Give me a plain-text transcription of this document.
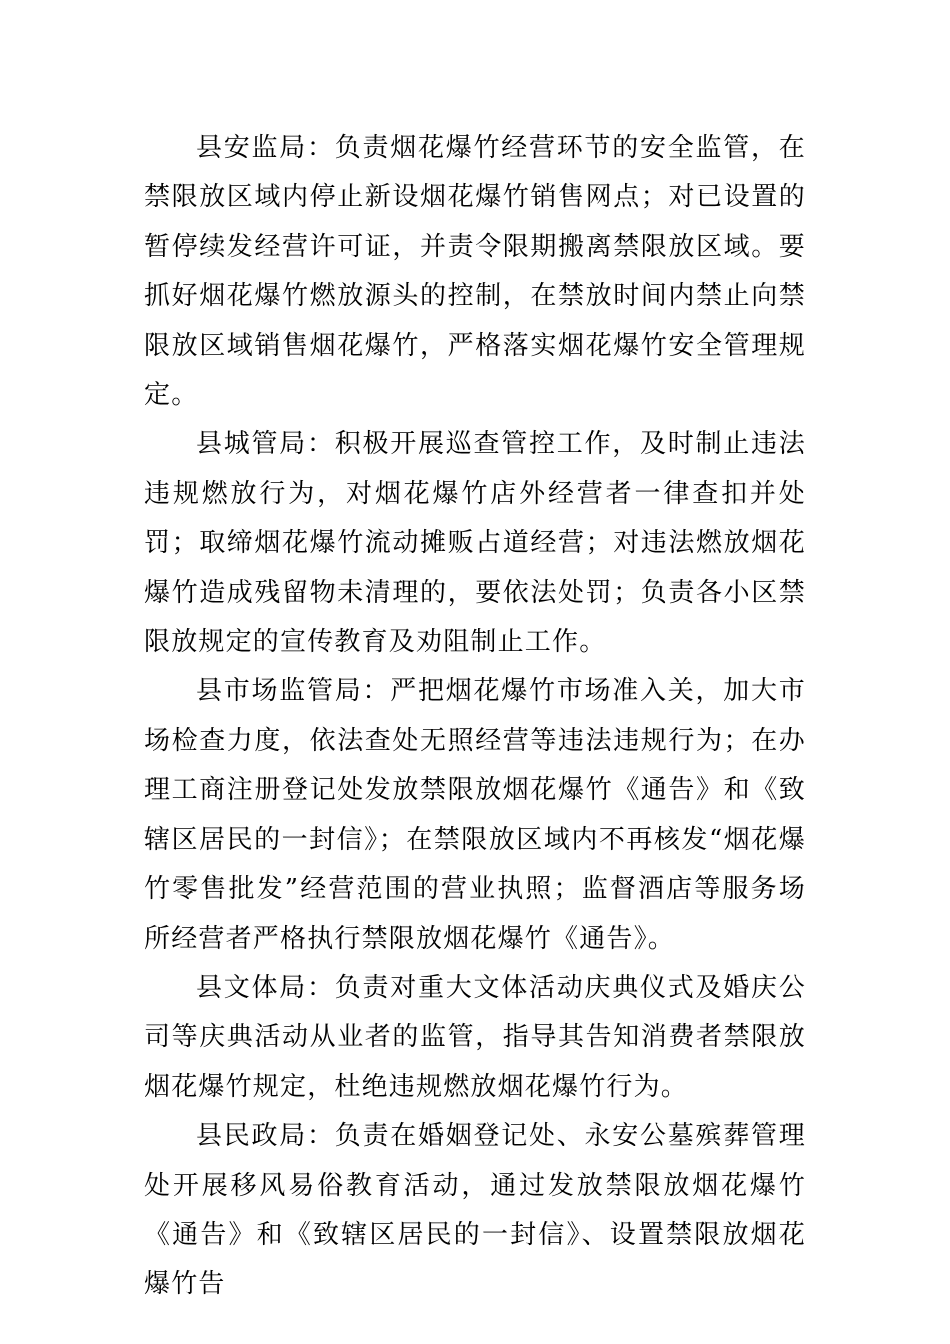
县安监局：负责烟花爆竹经营环节的安全监管，在禁限放区域内停止新设烟花爆竹销售网点；对已设置的暂停续发经营许可证，并责令限期搬离禁限放区域。要抓好烟花爆竹燃放源头的控制，在禁放时间内禁止向禁限放区域销售烟花爆竹，严格落实烟花爆竹安全管理规定。

县城管局：积极开展巡查管控工作，及时制止违法违规燃放行为，对烟花爆竹店外经营者一律查扣并处罚；取缔烟花爆竹流动摊贩占道经营；对违法燃放烟花爆竹造成残留物未清理的，要依法处罚；负责各小区禁限放规定的宣传教育及劝阻制止工作。

县市场监管局：严把烟花爆竹市场准入关，加大市场检查力度，依法查处无照经营等违法违规行为；在办理工商注册登记处发放禁限放烟花爆竹《通告》和《致辖区居民的一封信》；在禁限放区域内不再核发“烟花爆竹零售批发”经营范围的营业执照；监督酒店等服务场所经营者严格执行禁限放烟花爆竹《通告》。

县文体局：负责对重大文体活动庆典仪式及婚庆公司等庆典活动从业者的监管，指导其告知消费者禁限放烟花爆竹规定，杜绝违规燃放烟花爆竹行为。

县民政局：负责在婚姻登记处、永安公墓殡葬管理处开展移风易俗教育活动，通过发放禁限放烟花爆竹《通告》和《致辖区居民的一封信》、设置禁限放烟花爆竹告
